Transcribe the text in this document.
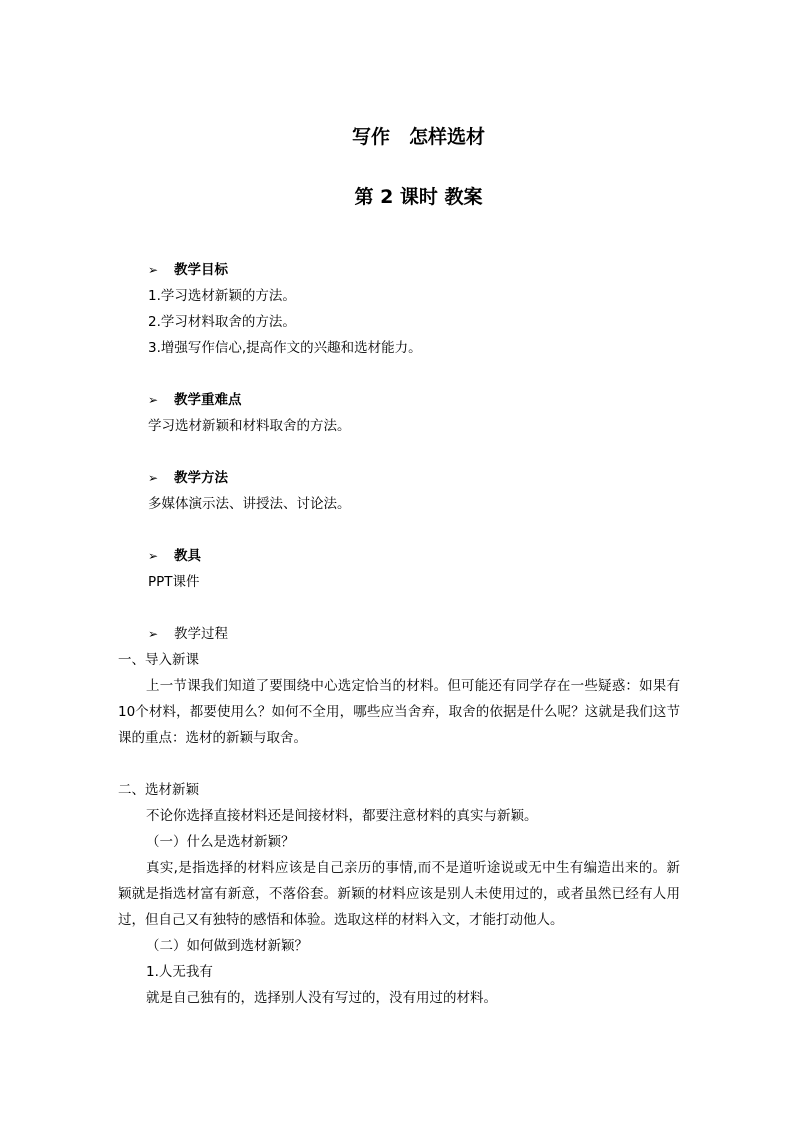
写作　怎样选材
第 2 课时 教案
➢ 教学目标
1.学习选材新颖的方法。
2.学习材料取舍的方法。
3.增强写作信心,提高作文的兴趣和选材能力。
➢ 教学重难点
学习选材新颖和材料取舍的方法。
➢ 教学方法
多媒体演示法、讲授法、讨论法。
➢ 教具
PPT课件
➢ 教学过程
一、导入新课

上一节课我们知道了要围绕中心选定恰当的材料。但可能还有同学存在一些疑惑：如果有10个材料，都要使用么？如何不全用，哪些应当舍弃，取舍的依据是什么呢？这就是我们这节课的重点：选材的新颖与取舍。

二、选材新颖
不论你选择直接材料还是间接材料，都要注意材料的真实与新颖。
（一）什么是选材新颖？

真实,是指选择的材料应该是自己亲历的事情,而不是道听途说或无中生有编造出来的。新颖就是指选材富有新意，不落俗套。新颖的材料应该是别人未使用过的，或者虽然已经有人用过，但自己又有独特的感悟和体验。选取这样的材料入文，才能打动他人。

（二）如何做到选材新颖？
1.人无我有
就是自己独有的，选择别人没有写过的，没有用过的材料。
